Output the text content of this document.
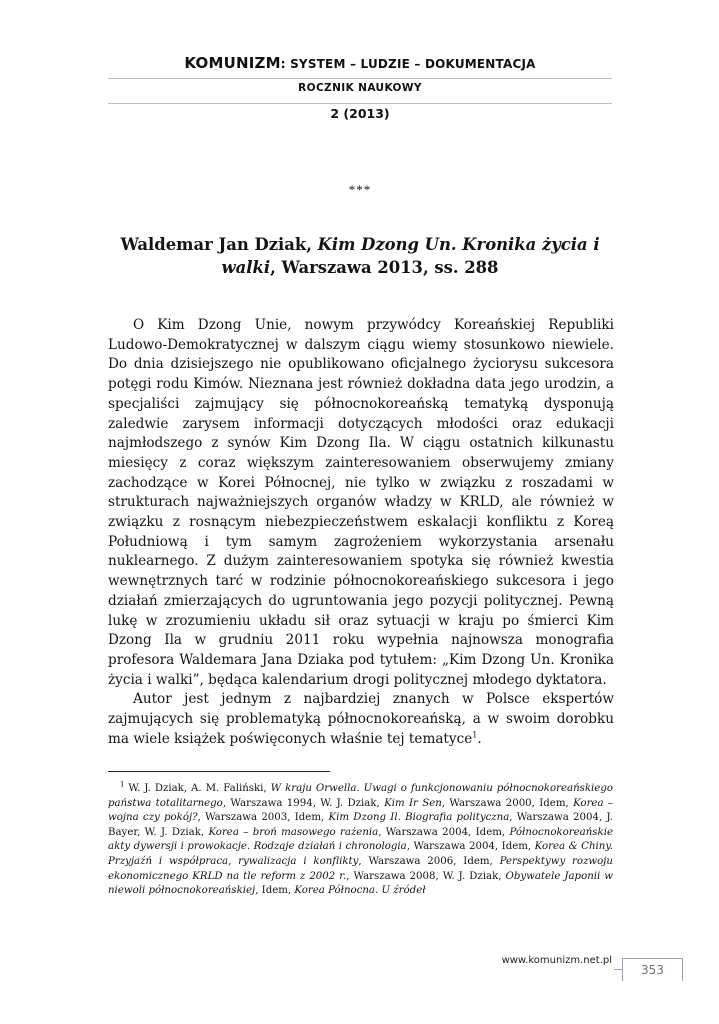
KOMUNIZM: SYSTEM – LUDZIE – DOKUMENTACJA
ROCZNIK NAUKOWY
2 (2013)
***
Waldemar Jan Dziak, Kim Dzong Un. Kronika życia i walki, Warszawa 2013, ss. 288

O Kim Dzong Unie, nowym przywódcy Koreańskiej Republiki Ludowo-Demokratycznej w dalszym ciągu wiemy stosunkowo niewiele. Do dnia dzisiejszego nie opublikowano oficjalnego życiorysu sukcesora potęgi rodu Kimów. Nieznana jest również dokładna data jego urodzin, a specjaliści zajmujący się północnokoreańską tematyką dysponują zaledwie zarysem informacji dotyczących młodości oraz edukacji najmłodszego z synów Kim Dzong Ila. W ciągu ostatnich kilkunastu miesięcy z coraz większym zainteresowaniem obserwujemy zmiany zachodzące w Korei Północnej, nie tylko w związku z roszadami w strukturach najważniejszych organów władzy w KRLD, ale również w związku z rosnącym niebezpieczeństwem eskalacji konfliktu z Koreą Południową i tym samym zagrożeniem wykorzystania arsenału nuklearnego. Z dużym zainteresowaniem spotyka się również kwestia wewnętrznych tarć w rodzinie północnokoreańskiego sukcesora i jego działań zmierzających do ugruntowania jego pozycji politycznej. Pewną lukę w zrozumieniu układu sił oraz sytuacji w kraju po śmierci Kim Dzong Ila w grudniu 2011 roku wypełnia najnowsza monografia profesora Waldemara Jana Dziaka pod tytułem: „Kim Dzong Un. Kronika życia i walki”, będąca kalendarium drogi politycznej młodego dyktatora.

Autor jest jednym z najbardziej znanych w Polsce ekspertów zajmujących się problematyką północnokoreańską, a w swoim dorobku ma wiele książek poświęconych właśnie tej tematyce$^1$.

$^1$ W. J. Dziak, A. M. Faliński, W kraju Orwella. Uwagi o funkcjonowaniu północnokoreańskiego państwa totalitarnego, Warszawa 1994, W. J. Dziak, Kim Ir Sen, Warszawa 2000, Idem, Korea – wojna czy pokój?, Warszawa 2003, Idem, Kim Dzong Il. Biografia polityczna, Warszawa 2004, J. Bayer, W. J. Dziak, Korea – broń masowego rażenia, Warszawa 2004, Idem, Północnokoreańskie akty dywersji i prowokacje. Rodzaje działań i chronologia, Warszawa 2004, Idem, Korea & Chiny. Przyjaźń i współpraca, rywalizacja i konflikty, Warszawa 2006, Idem, Perspektywy rozwoju ekonomicznego KRLD na tle reform z 2002 r., Warszawa 2008, W. J. Dziak, Obywatele Japonii w niewoli północnokoreańskiej, Idem, Korea Północna. U źródeł

www.komunizm.net.pl
353
